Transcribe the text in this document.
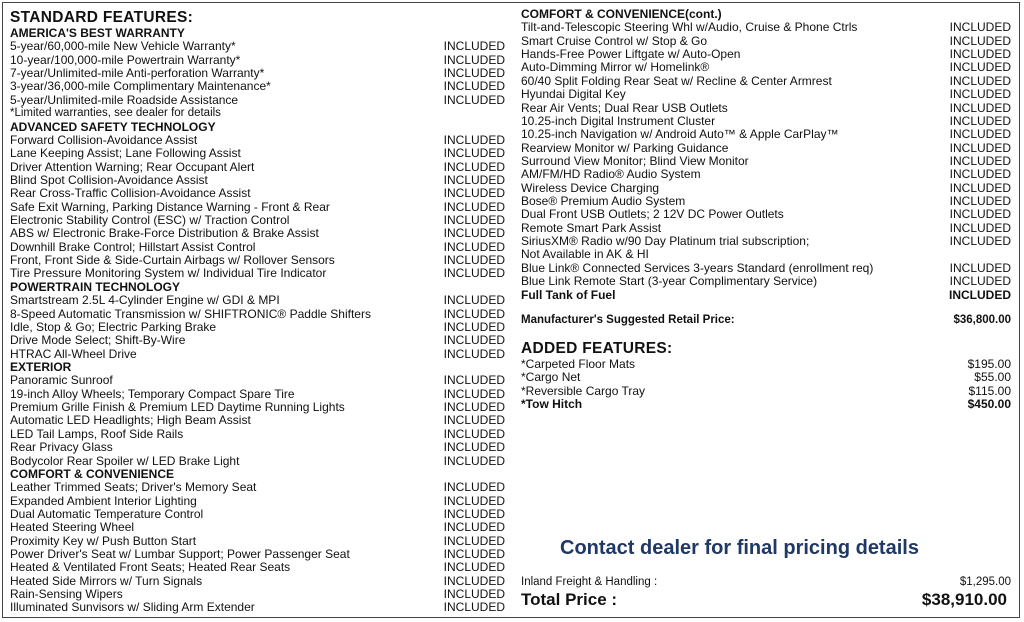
STANDARD FEATURES:
AMERICA'S BEST WARRANTY
5-year/60,000-mile New Vehicle Warranty*	INCLUDED
10-year/100,000-mile Powertrain Warranty*	INCLUDED
7-year/Unlimited-mile Anti-perforation Warranty*	INCLUDED
3-year/36,000-mile Complimentary Maintenance*	INCLUDED
5-year/Unlimited-mile Roadside Assistance	INCLUDED
*Limited warranties, see dealer for details
ADVANCED SAFETY TECHNOLOGY
Forward Collision-Avoidance Assist	INCLUDED
Lane Keeping Assist; Lane Following Assist	INCLUDED
Driver Attention Warning; Rear Occupant Alert	INCLUDED
Blind Spot Collision-Avoidance Assist	INCLUDED
Rear Cross-Traffic Collision-Avoidance Assist	INCLUDED
Safe Exit Warning, Parking Distance Warning - Front & Rear	INCLUDED
Electronic Stability Control (ESC) w/ Traction Control	INCLUDED
ABS w/ Electronic Brake-Force Distribution & Brake Assist	INCLUDED
Downhill Brake Control; Hillstart Assist Control	INCLUDED
Front, Front Side & Side-Curtain Airbags w/ Rollover Sensors	INCLUDED
Tire Pressure Monitoring System w/ Individual Tire Indicator	INCLUDED
POWERTRAIN TECHNOLOGY
Smartstream 2.5L 4-Cylinder Engine w/ GDI & MPI	INCLUDED
8-Speed Automatic Transmission w/ SHIFTRONIC® Paddle Shifters	INCLUDED
Idle, Stop & Go; Electric Parking Brake	INCLUDED
Drive Mode Select; Shift-By-Wire	INCLUDED
HTRAC All-Wheel Drive	INCLUDED
EXTERIOR
Panoramic Sunroof	INCLUDED
19-inch Alloy Wheels; Temporary Compact Spare Tire	INCLUDED
Premium Grille Finish & Premium LED Daytime Running Lights	INCLUDED
Automatic LED Headlights; High Beam Assist	INCLUDED
LED Tail Lamps, Roof Side Rails	INCLUDED
Rear Privacy Glass	INCLUDED
Bodycolor Rear Spoiler w/ LED Brake Light	INCLUDED
COMFORT & CONVENIENCE
Leather Trimmed Seats; Driver's Memory Seat	INCLUDED
Expanded Ambient Interior Lighting	INCLUDED
Dual Automatic Temperature Control	INCLUDED
Heated Steering Wheel	INCLUDED
Proximity Key w/ Push Button Start	INCLUDED
Power Driver's Seat w/ Lumbar Support; Power Passenger Seat	INCLUDED
Heated & Ventilated Front Seats; Heated Rear Seats	INCLUDED
Heated Side Mirrors w/ Turn Signals	INCLUDED
Rain-Sensing Wipers	INCLUDED
Illuminated Sunvisors w/ Sliding Arm Extender	INCLUDED
COMFORT & CONVENIENCE(cont.)
Tilt-and-Telescopic Steering Whl w/Audio, Cruise & Phone Ctrls	INCLUDED
Smart Cruise Control w/ Stop & Go	INCLUDED
Hands-Free Power Liftgate w/ Auto-Open	INCLUDED
Auto-Dimming Mirror w/ Homelink®	INCLUDED
60/40 Split Folding Rear Seat w/ Recline & Center Armrest	INCLUDED
Hyundai Digital Key	INCLUDED
Rear Air Vents; Dual Rear USB Outlets	INCLUDED
10.25-inch Digital Instrument Cluster	INCLUDED
10.25-inch Navigation w/ Android Auto™ & Apple CarPlay™	INCLUDED
Rearview Monitor w/ Parking Guidance	INCLUDED
Surround View Monitor; Blind View Monitor	INCLUDED
AM/FM/HD Radio® Audio System	INCLUDED
Wireless Device Charging	INCLUDED
Bose® Premium Audio System	INCLUDED
Dual Front USB Outlets; 2 12V DC Power Outlets	INCLUDED
Remote Smart Park Assist	INCLUDED
SiriusXM® Radio w/90 Day Platinum trial subscription;	INCLUDED
Not Available in AK & HI
Blue Link® Connected Services 3-years Standard (enrollment req)	INCLUDED
Blue Link Remote Start (3-year Complimentary Service)	INCLUDED
Full Tank of Fuel	INCLUDED
Manufacturer's Suggested Retail Price:	$36,800.00
ADDED FEATURES:
*Carpeted Floor Mats	$195.00
*Cargo Net	$55.00
*Reversible Cargo Tray	$115.00
*Tow Hitch	$450.00
Contact dealer for final pricing details
Inland Freight & Handling :	$1,295.00
Total Price :	$38,910.00
